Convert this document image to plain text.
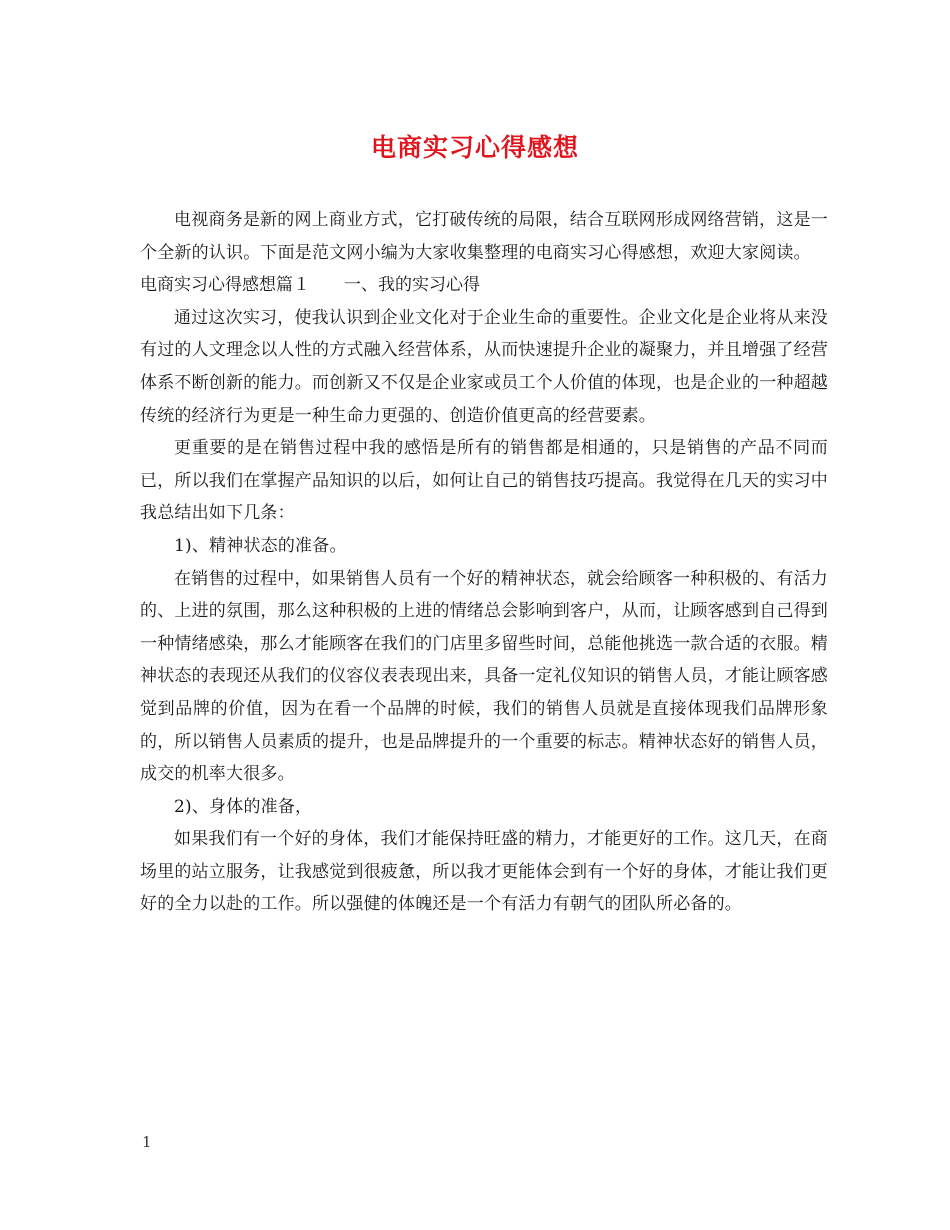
电商实习心得感想

电视商务是新的网上商业方式，它打破传统的局限，结合互联网形成网络营销，这是一个全新的认识。下面是范文网小编为大家收集整理的电商实习心得感想，欢迎大家阅读。

电商实习心得感想篇１　　一、我的实习心得

通过这次实习，使我认识到企业文化对于企业生命的重要性。企业文化是企业将从来没有过的人文理念以人性的方式融入经营体系，从而快速提升企业的凝聚力，并且增强了经营体系不断创新的能力。而创新又不仅是企业家或员工个人价值的体现，也是企业的一种超越传统的经济行为更是一种生命力更强的、创造价值更高的经营要素。

更重要的是在销售过程中我的感悟是所有的销售都是相通的，只是销售的产品不同而已，所以我们在掌握产品知识的以后，如何让自己的销售技巧提高。我觉得在几天的实习中我总结出如下几条：

1)、精神状态的准备。

在销售的过程中，如果销售人员有一个好的精神状态，就会给顾客一种积极的、有活力的、上进的氛围，那么这种积极的上进的情绪总会影响到客户，从而，让顾客感到自己得到一种情绪感染，那么才能顾客在我们的门店里多留些时间，总能他挑选一款合适的衣服。精神状态的表现还从我们的仪容仪表表现出来，具备一定礼仪知识的销售人员，才能让顾客感觉到品牌的价值，因为在看一个品牌的时候，我们的销售人员就是直接体现我们品牌形象的，所以销售人员素质的提升，也是品牌提升的一个重要的标志。精神状态好的销售人员，成交的机率大很多。

2)、身体的准备，

如果我们有一个好的身体，我们才能保持旺盛的精力，才能更好的工作。这几天，在商场里的站立服务，让我感觉到很疲惫，所以我才更能体会到有一个好的身体，才能让我们更好的全力以赴的工作。所以强健的体魄还是一个有活力有朝气的团队所必备的。

1
